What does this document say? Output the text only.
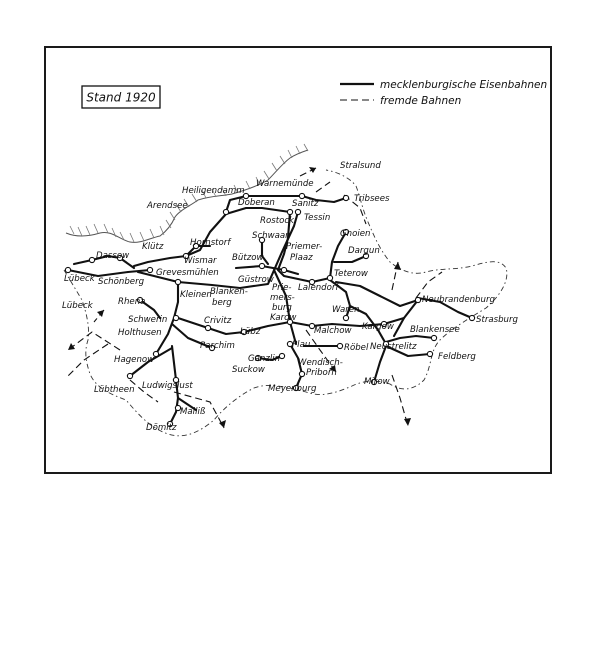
Stand 1920
mecklenburgische Eisenbahnen
fremde Bahnen
Stralsund
Tribsees
Heiligendamm
Warnemünde
Arendsee	Doberan Sanitz
Rostock Tessin
Klütz	Hornstorf
Schwaan	Gnoien
Dassow	Wismar
Priemer-
Plaaz
Dargun
Lübeck Schönberg
Grevesmühlen
Bützow
Teterow
Güstrow
Lalendorf
Kleinen
Blanken-
berg
Prie-
mers-
burg
Neubrandenburg
Lübeck	Rhena
Waren
Schwerin	Crivitz	Karow
Kargow
Strasburg
Holthusen	Lübz	Malchow	Blankensee
Parchim	Plau	Röbel Neustrelitz
Feldberg
Hagenow	Ganzlin Wendisch-
Priborn
Suckow
Mirow
Lübtheen Ludwigslust	Meyenburg
Malliß
Dömitz
